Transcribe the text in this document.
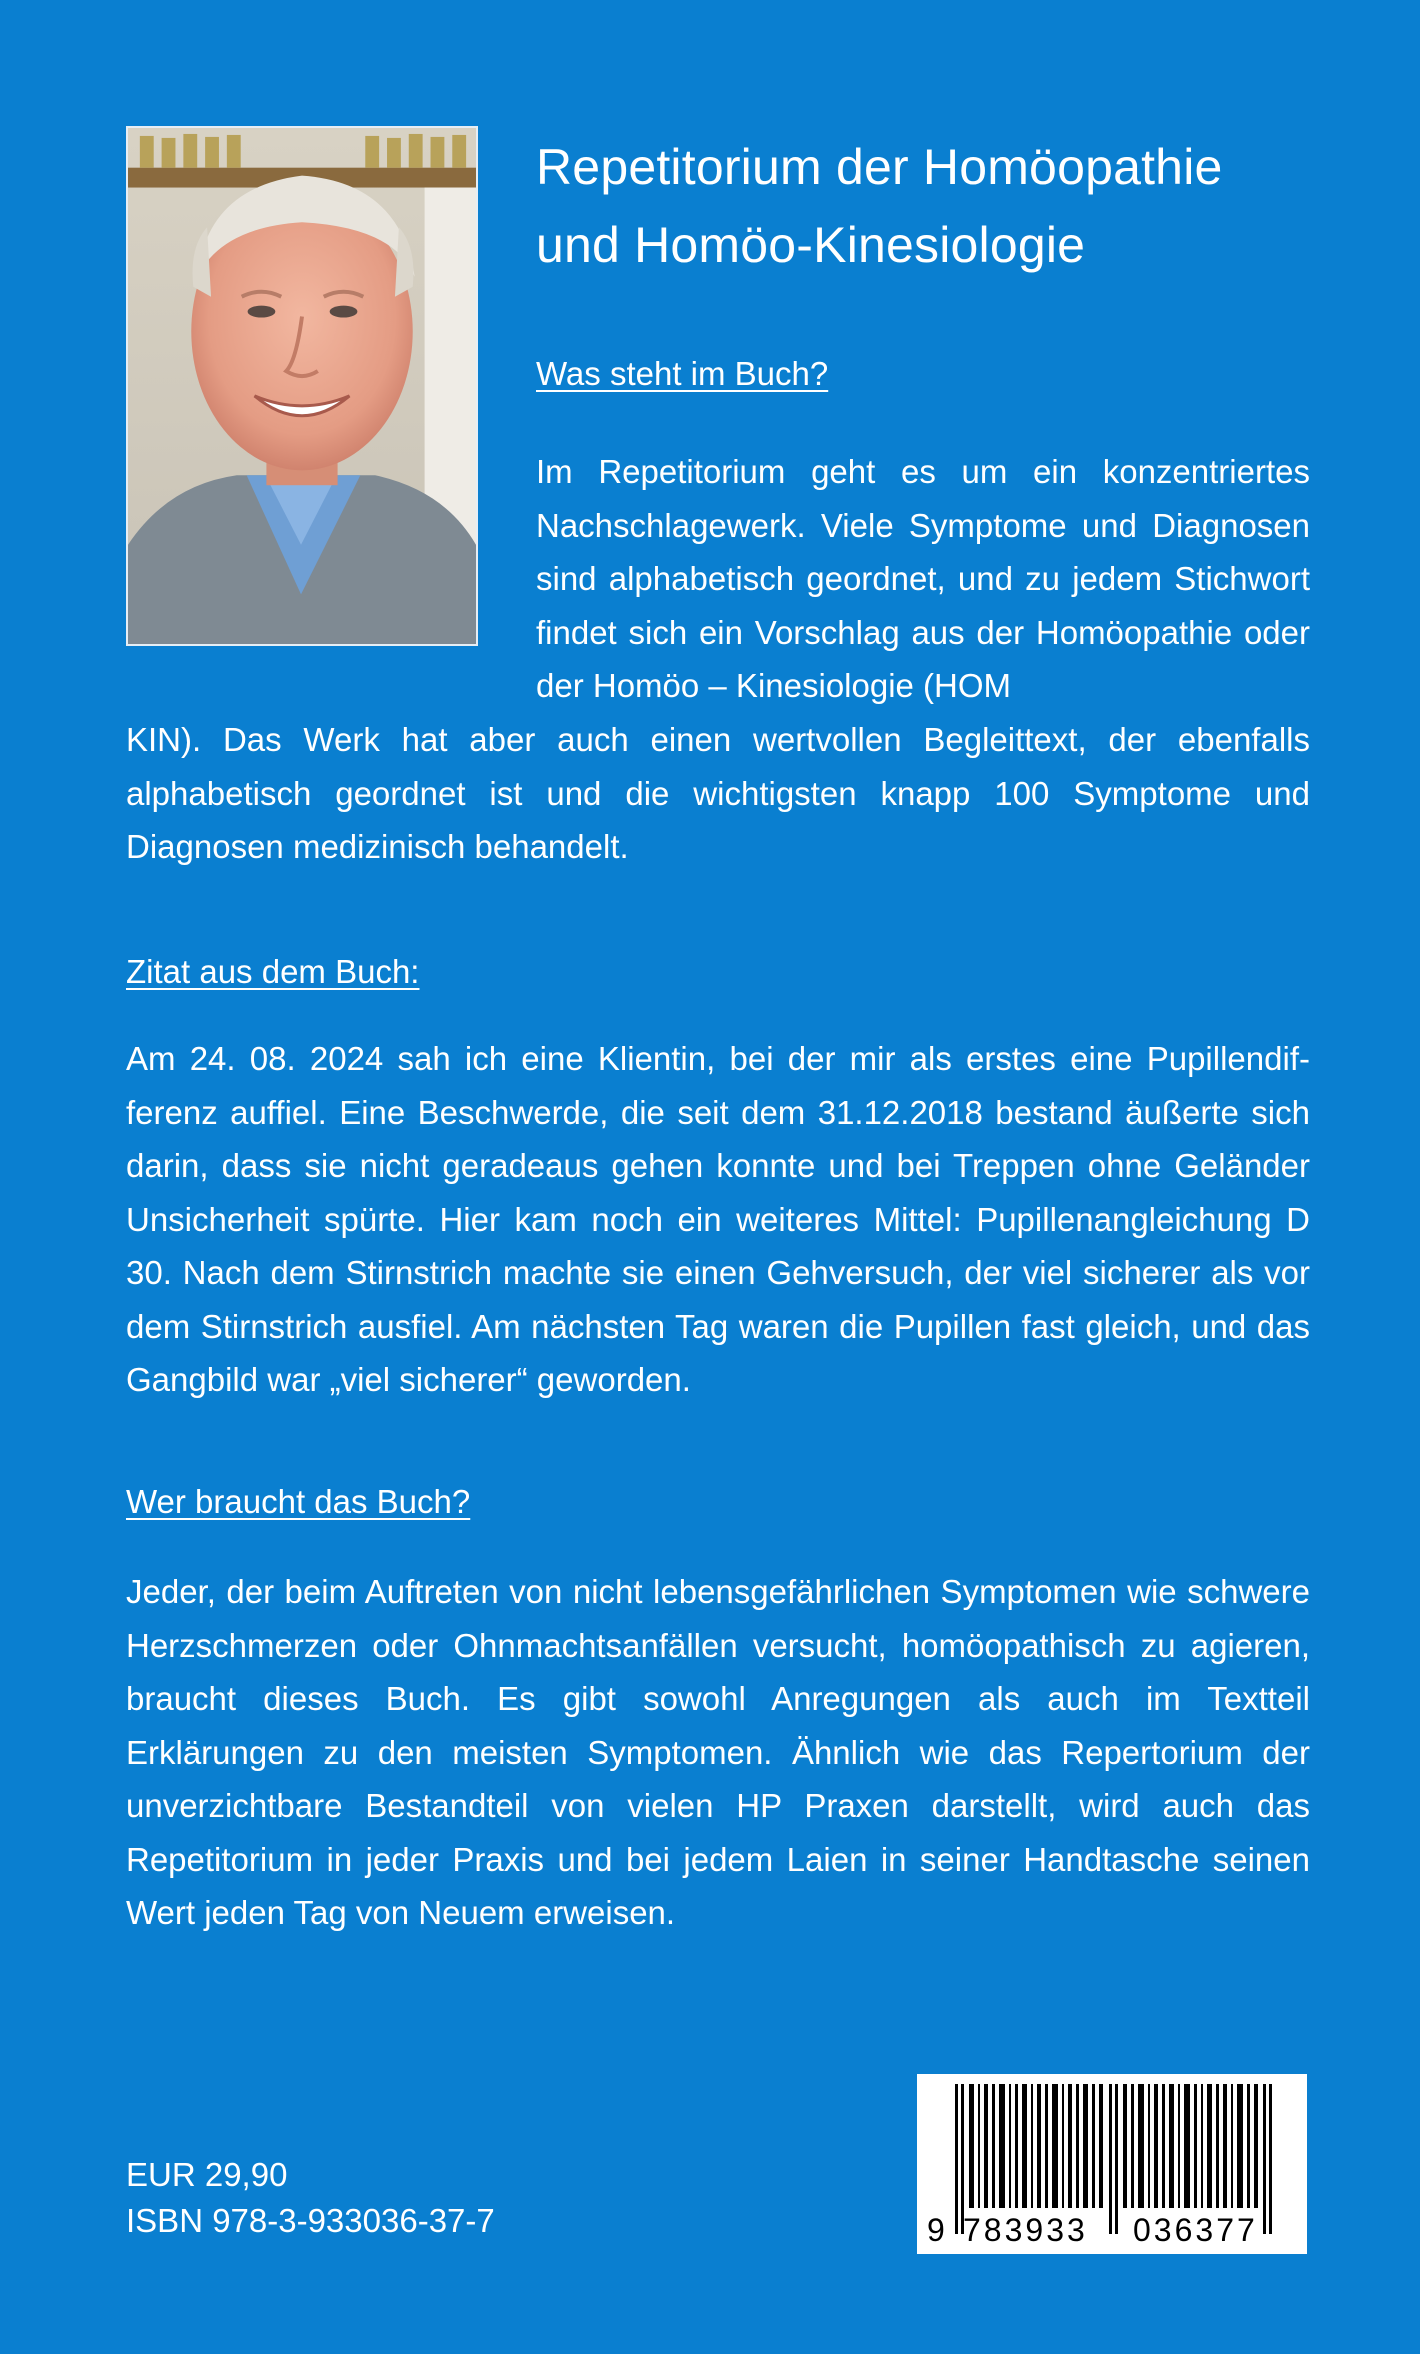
Repetitorium der Homöopathie
und Homöo-Kinesiologie
Was steht im Buch?
Im Repetitorium geht es um ein konzentriertes Nachschlagewerk. Viele Symptome und Diagnosen sind alphabetisch geordnet, und zu jedem Stichwort findet sich ein Vorschlag aus der Homöopathie oder der Homöo – Kinesiologie (HOM
KIN). Das Werk hat aber auch einen wertvollen Begleittext, der ebenfalls alphabetisch geordnet ist und die wichtigsten knapp 100 Symptome und Diagnosen medizinisch behandelt.
Zitat aus dem Buch:
Am 24. 08. 2024 sah ich eine Klientin, bei der mir als erstes eine Pupillendifferenz auffiel. Eine Beschwerde, die seit dem 31.12.2018 bestand äußerte sich darin, dass sie nicht geradeaus gehen konnte und bei Treppen ohne Geländer Unsicherheit spürte. Hier kam noch ein weiteres Mittel: Pupillenangleichung D 30. Nach dem Stirnstrich machte sie einen Gehversuch, der viel sicherer als vor dem Stirnstrich ausfiel. Am nächsten Tag waren die Pupillen fast gleich, und das Gangbild war „viel sicherer“ geworden.
Wer braucht das Buch?
Jeder, der beim Auftreten von nicht lebensgefährlichen Symptomen wie schwere Herzschmerzen oder Ohnmachtsanfällen versucht, homöopathisch zu agieren, braucht dieses Buch. Es gibt sowohl Anregungen als auch im Textteil Erklärungen zu den meisten Symptomen. Ähnlich wie das Repertorium der unverzichtbare Bestandteil von vielen HP Praxen darstellt, wird auch das Repetitorium in jeder Praxis und bei jedem Laien in seiner Handtasche seinen Wert jeden Tag von Neuem erweisen.
EUR 29,90
ISBN 978-3-933036-37-7	9 783933 036377
